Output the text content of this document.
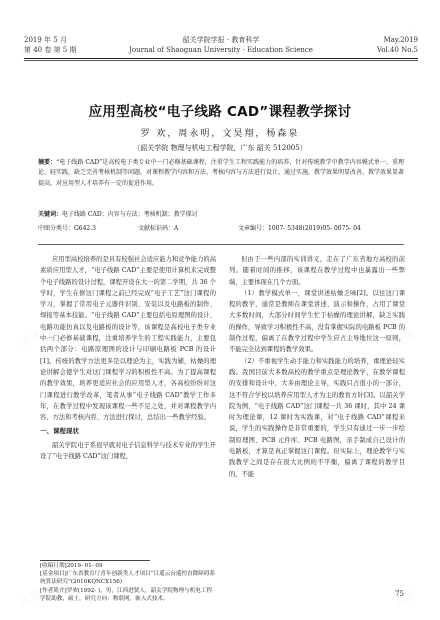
2019 年 5 月	韶关学院学报 · 教育科学	May.2019
第 40 卷 第 5 期	Journal of Shaoguan University · Education Science	Vol.40 No.5
应用型高校“电子线路 CAD”课程教学探讨
罗 欢，周永明，文昊翔，杨森泉
（韶关学院 物理与机电工程学院，广东 韶关 512005）
摘要：“电子线路 CAD”是高校电子类专业中一门必修基础课程，注重学生工程实践能力的培养，针对传统教学中教学内容模式单一、重理论、轻实践，缺乏完善考核机制等问题，对课程教学内容和方法、考核内容与方法进行设计，通过实施，教学效果明显改善，教学效果显著提高，对应用型人才培养有一定的促进作用。
关键词：电子线路 CAD；内容与方法；考核机制；教学探讨
中图分类号：G642.3	文献标识码：A	文章编号：1007- 5348(2019)05- 0075- 04

应用型高校培养的是具有较强社会适应能力和竞争能力的高素质应用型人才，“电子线路 CAD”主要是使用计算机来完成整个电子线路的设计过程，课程开设在大一的第二学期，共 36 个学时，学生在修这门课程之前已经完成“电子工艺”这门课程的学习，掌握了常用电子元器件识别、安装以及电路板的制作、焊接等基本技能。“电子线路 CAD”主要包括电原理图的设计、电路功能仿真以及电路板的设计等，该课程是高校电子类专业中一门必修基础课程，注重培养学生的工程实践能力，主要包括两个部分：电路原理图的设计与印刷电路板 PCB 的设计[1]。传统的教学方法更多是以理论为主，实践为辅，枯燥的理论讲解会使学生对这门课程学习的积极性不高。为了提高课程的教学效果，培养更适应社会的应用型人才，各高校纷纷对这门课程进行教学改革，笔者从事“电子线路 CAD”教学工作多年，在教学过程中发现该课程一些不足之处，并对课程教学内容、方法和考核内容、方法进行探讨，总结出一些教学经验。

一、课程现状

韶关学院电子系很早就对电子信息科学与技术专业的学生开设了“电子线路 CAD”这门课程，

但由于一些内部的实训讲义，走在了广东省地方高校的前列。随着时间的推移，该课程在教学过程中也暴露出一些弊端，主要体现在几个方面。

（1）教学模式单一，课堂讲述枯燥乏味[2]。以往这门课程的教学，通常是教师在课堂讲述、演示和操作，占用了课堂大多数时间，大部分时间学生忙于枯燥的理论讲解，缺乏实践的操作，导致学习积极性不高，没有掌握实际的电路板 PCB 的制作过程，偏离了在教学过程中学生应占主导地位这一原则，不能完全达到课程的教学效果。

（2）不重视学生动手能力和实践能力的培养，重理论轻实践。我国目前大多数高校的教学重点是理论教学，在教学课程的安排和设计中，大多由理论主导，实践只占很小的一部分，这不符合学校以培养应用型人才为主的教育方针[3]。以韶关学院为例，“电子线路 CAD”这门课程一共 36 课时，其中 24 课时为理论课，12 课时为实践课，对“电子线路 CAD”课程来说，学生的实践操作是非常重要的，学生只有通过一步一步绘制原理图、PCB 元件库、PCB 电路图，亲手制成自己设计的电路板，才算是真正掌握这门课程。但实际上，理论教学与实践教学之间是存在很大比例的不平衡，偏离了课程的教学目的，不能

[收稿日期]2019- 01- 09
[基金项目]广东省教育厅青年创新类人才项目“目遥云台遥控直降障碍系统算法研究”(2016KQNCX156)
[作者简介]罗欢(1992- )，男，江西进贤人，韶关学院物理与机电工程学院助教，硕士，研究方向：物联网，嵌入式技术。
75
